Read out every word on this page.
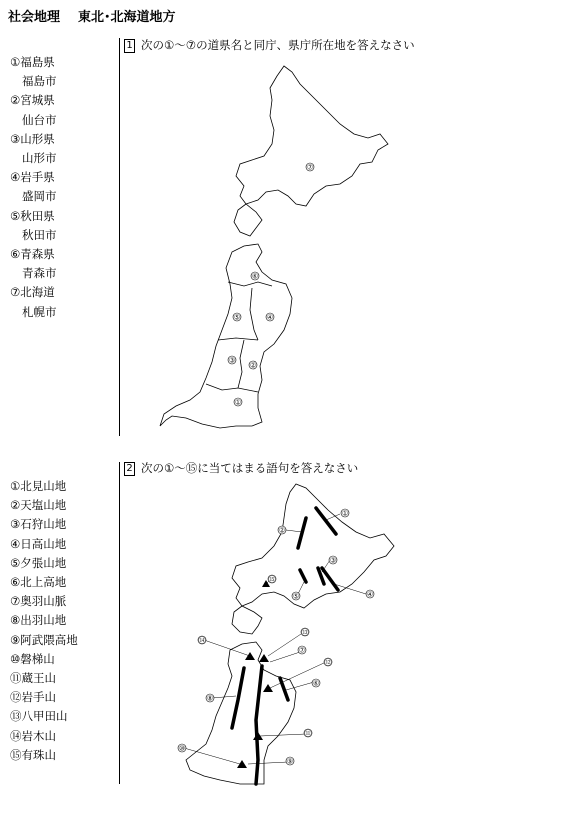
社会地理 東北･北海道地方
①福島県
福島市
②宮城県
仙台市
③山形県
山形市
④岩手県
盛岡市
⑤秋田県
秋田市
⑥青森県
青森市
⑦北海道
札幌市
①北見山地
②天塩山地
③石狩山地
④日高山地
⑤夕張山地
⑥北上高地
⑦奥羽山脈
⑧出羽山地
⑨阿武隈高地
⑩磐梯山
⑪蔵王山
⑫岩手山
⑬八甲田山
⑭岩木山
⑮有珠山
1 次の①～⑦の道県名と同庁、県庁所在地を答えなさい
2 次の①～⑮に当てはまる語句を答えなさい
⑦
⑥
⑤	④
③
②
①
①
②
③
④
⑤
⑥
⑦
⑧
⑨
⑩
⑪
⑫
⑬
⑭
⑮
